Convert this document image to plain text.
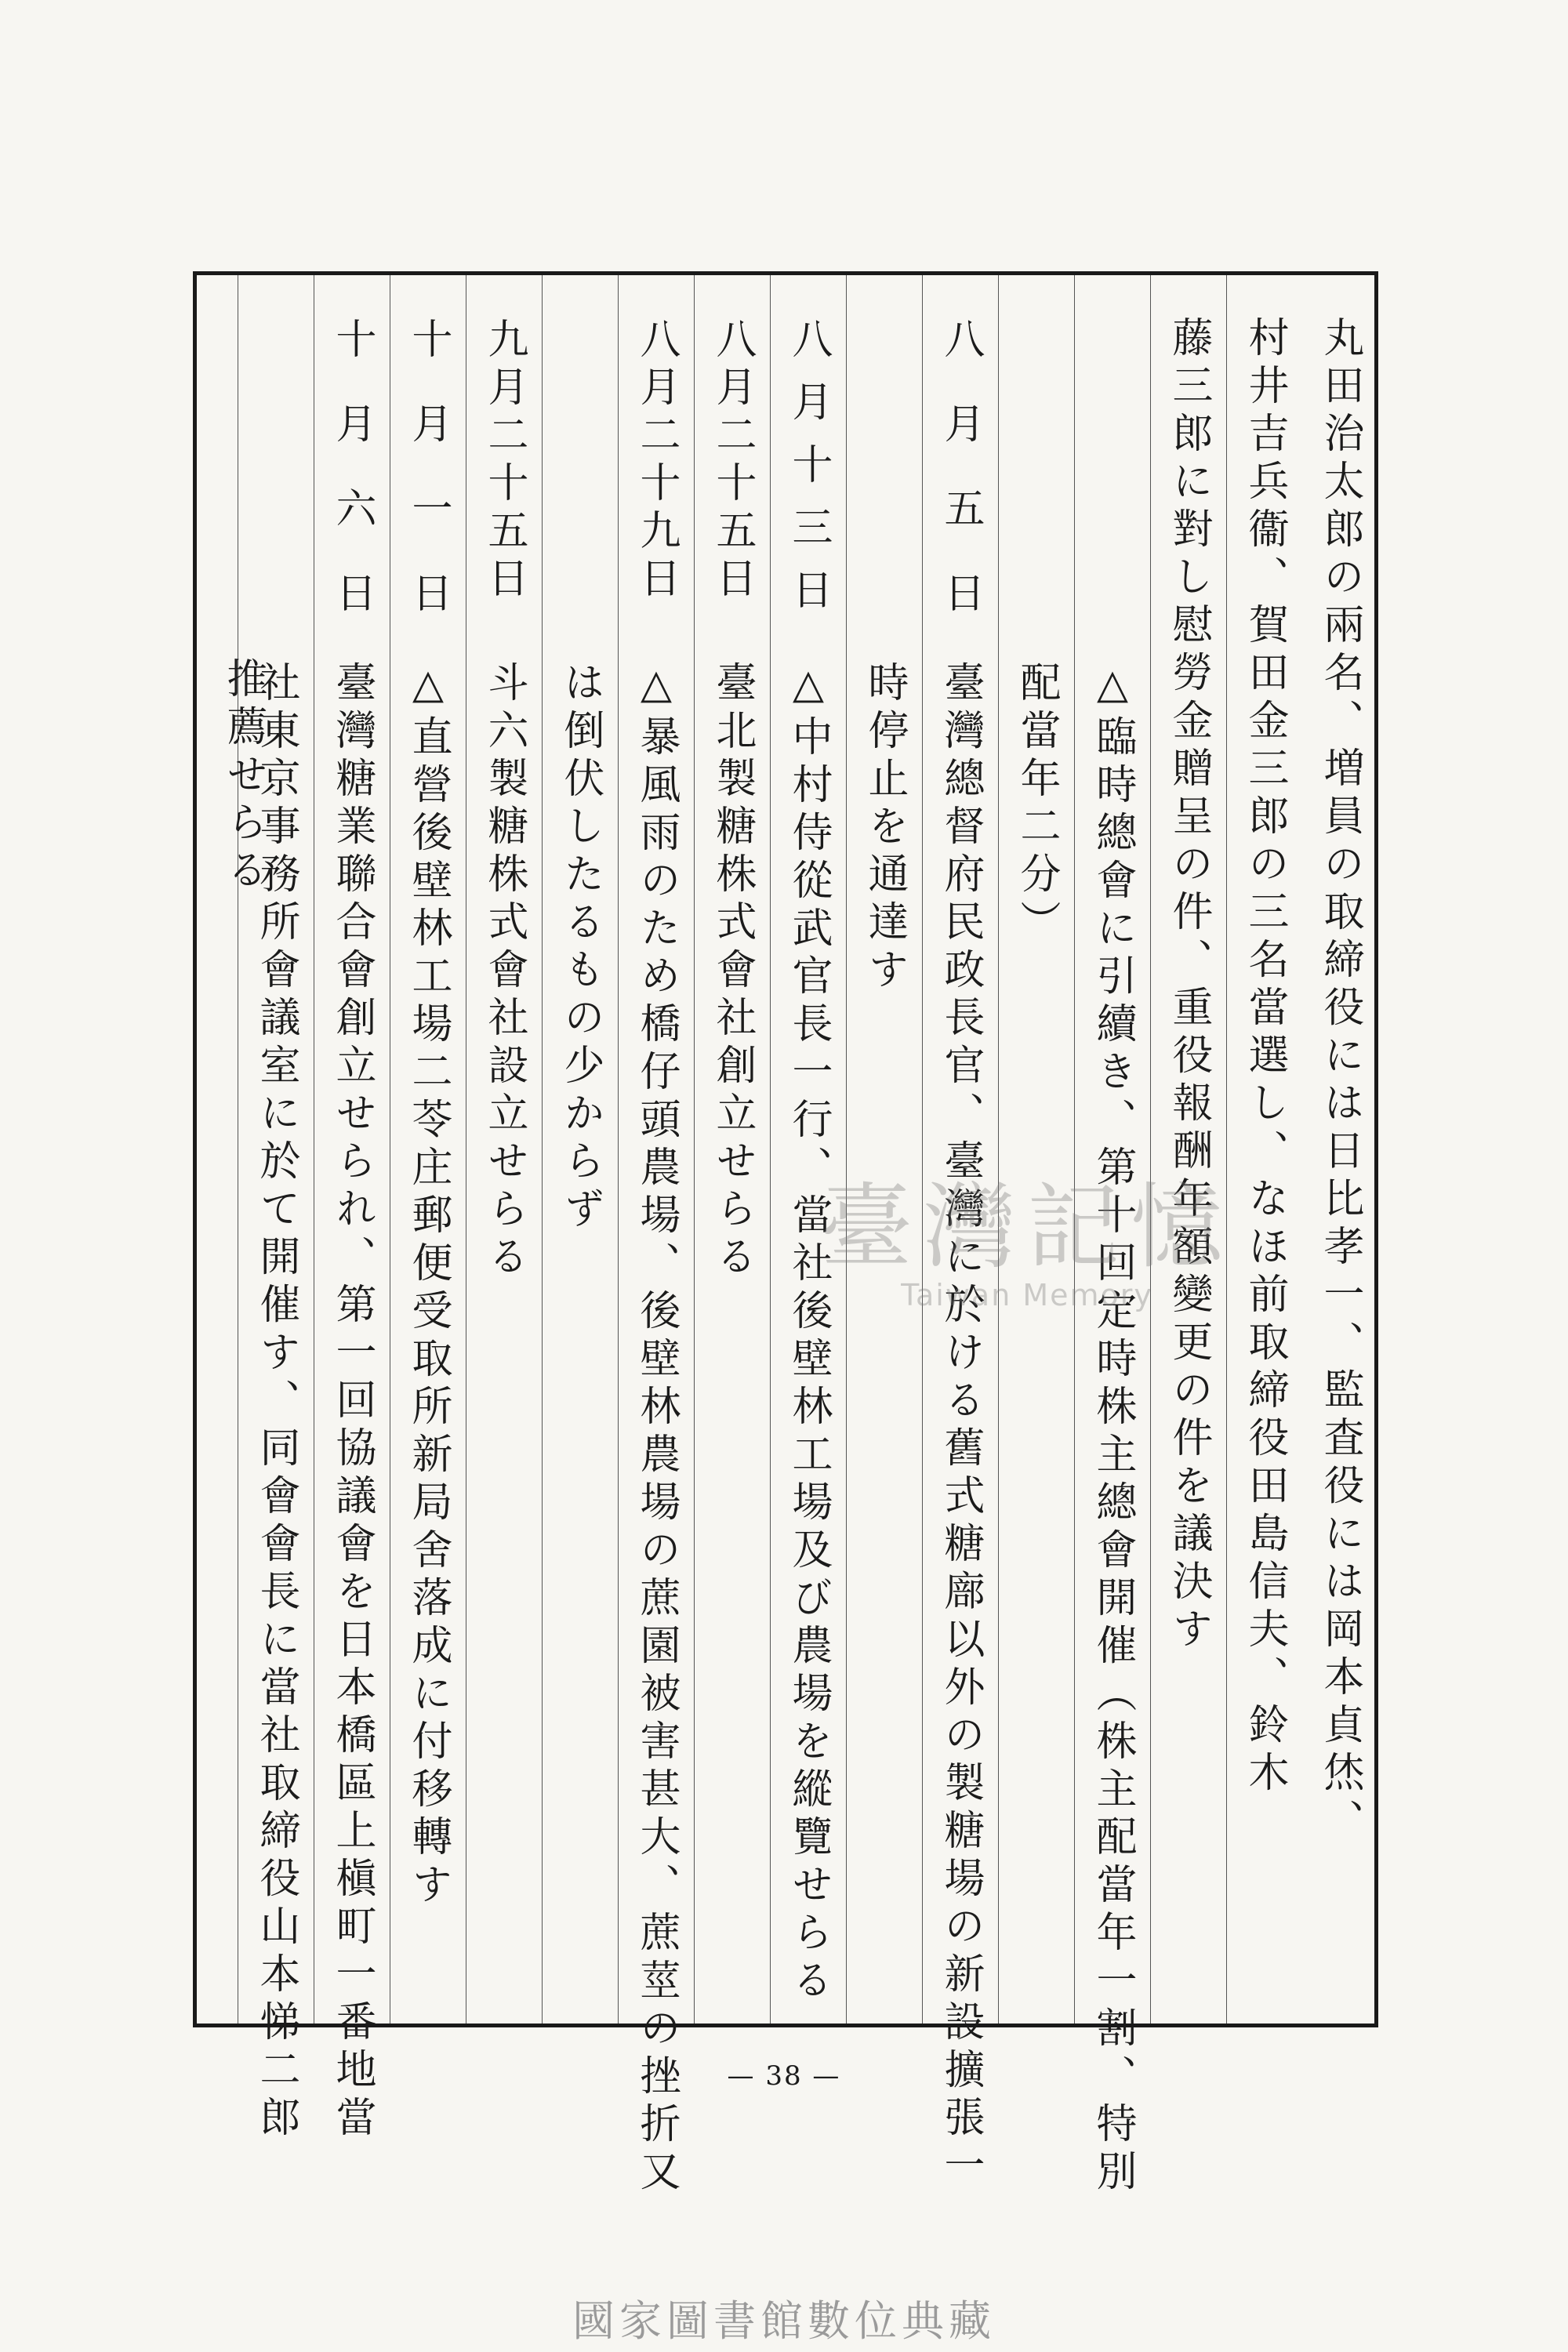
丸田治太郎の兩名、増員の取締役には日比孝一、監査役には岡本貞烋、
村井吉兵衞、賀田金三郎の三名當選し、なほ前取締役田島信夫、鈴木
藤三郎に對し慰勞金贈呈の件、重役報酬年額變更の件を議決す
△臨時總會に引續き、第十回定時株主總會開催（株主配當年一割、特別
配當年二分）
八月五日
臺灣總督府民政長官、臺灣に於ける舊式糖廍以外の製糖場の新設擴張一
時停止を通達す
八月十三日
△中村侍從武官長一行、當社後壁林工場及び農場を縱覽せらる
八月二十五日
臺北製糖株式會社創立せらる
八月二十九日
△暴風雨のため橋仔頭農場、後壁林農場の蔗園被害甚大、蔗莖の挫折又
は倒伏したるもの少からず
九月二十五日
斗六製糖株式會社設立せらる
十月一日
△直營後壁林工場二苓庄郵便受取所新局舍落成に付移轉す
十月六日
臺灣糖業聯合會創立せられ、第一回協議會を日本橋區上槇町一番地當
社東京事務所會議室に於て開催す、同會會長に當社取締役山本悌二郎
推薦せらる
臺灣記憶
Taiwan Memory
— 38 —
國家圖書館數位典藏
